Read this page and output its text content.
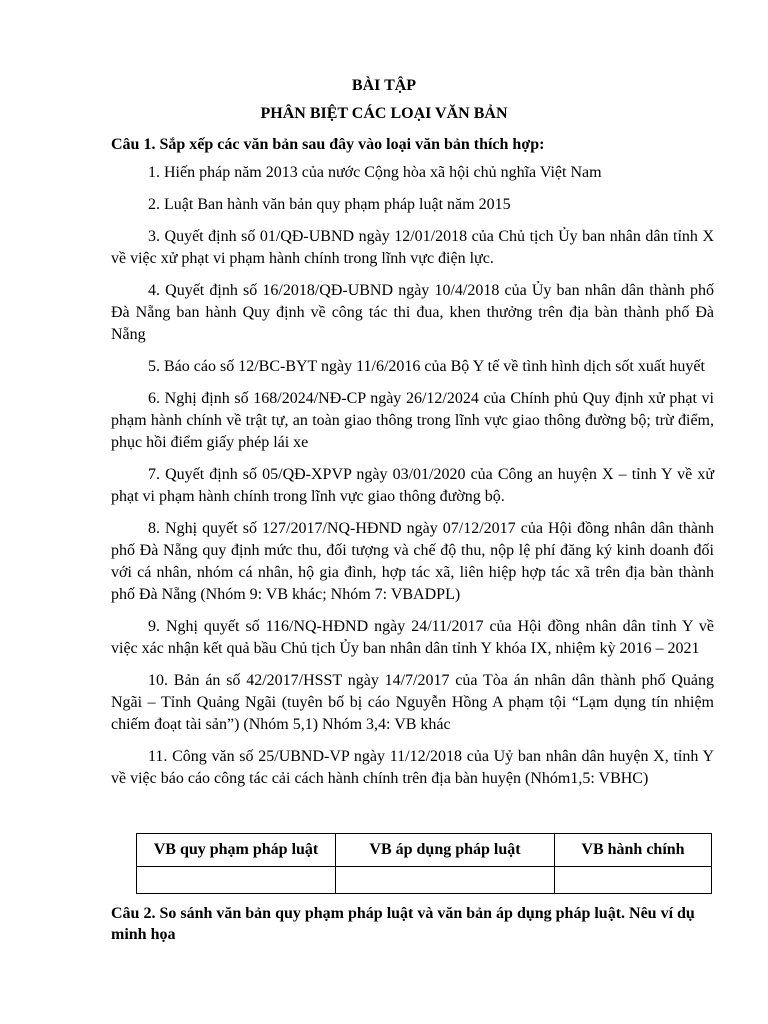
BÀI TẬP

PHÂN BIỆT CÁC LOẠI VĂN BẢN

Câu 1. Sắp xếp các văn bản sau đây vào loại văn bản thích hợp:

1. Hiến pháp năm 2013 của nước Cộng hòa xã hội chủ nghĩa Việt Nam
2. Luật Ban hành văn bản quy phạm pháp luật năm 2015
3. Quyết định số 01/QĐ-UBND ngày 12/01/2018 của Chủ tịch Ủy ban nhân dân tỉnh X về việc xử phạt vi phạm hành chính trong lĩnh vực điện lực.
4. Quyết định số 16/2018/QĐ-UBND ngày 10/4/2018 của Ủy ban nhân dân thành phố Đà Nẵng ban hành Quy định về công tác thi đua, khen thưởng trên địa bàn thành phố Đà Nẵng
5. Báo cáo số 12/BC-BYT ngày 11/6/2016 của Bộ Y tế về tình hình dịch sốt xuất huyết
6. Nghị định số 168/2024/NĐ-CP ngày 26/12/2024 của Chính phủ Quy định xử phạt vi phạm hành chính về trật tự, an toàn giao thông trong lĩnh vực giao thông đường bộ; trừ điểm, phục hồi điểm giấy phép lái xe
7. Quyết định số 05/QĐ-XPVP ngày 03/01/2020 của Công an huyện X – tỉnh Y về xử phạt vi phạm hành chính trong lĩnh vực giao thông đường bộ.
8. Nghị quyết số 127/2017/NQ-HĐND ngày 07/12/2017 của Hội đồng nhân dân thành phố Đà Nẵng quy định mức thu, đối tượng và chế độ thu, nộp lệ phí đăng ký kinh doanh đối với cá nhân, nhóm cá nhân, hộ gia đình, hợp tác xã, liên hiệp hợp tác xã trên địa bàn thành phố Đà Nẵng (Nhóm 9: VB khác; Nhóm 7: VBADPL)
9. Nghị quyết số 116/NQ-HĐND ngày 24/11/2017 của Hội đồng nhân dân tỉnh Y về việc xác nhận kết quả bầu Chủ tịch Ủy ban nhân dân tỉnh Y khóa IX, nhiệm kỳ 2016 – 2021
10. Bản án số 42/2017/HSST ngày 14/7/2017 của Tòa án nhân dân thành phố Quảng Ngãi – Tỉnh Quảng Ngãi (tuyên bố bị cáo Nguyễn Hồng A phạm tội “Lạm dụng tín nhiệm chiếm đoạt tài sản”) (Nhóm 5,1) Nhóm 3,4: VB khác
11. Công văn số 25/UBND-VP ngày 11/12/2018 của Uỷ ban nhân dân huyện X, tỉnh Y về việc báo cáo công tác cải cách hành chính trên địa bàn huyện (Nhóm1,5: VBHC)
VB quy phạm pháp luật	VB áp dụng pháp luật	VB hành chính

Câu 2. So sánh văn bản quy phạm pháp luật và văn bản áp dụng pháp luật. Nêu ví dụ minh họa
